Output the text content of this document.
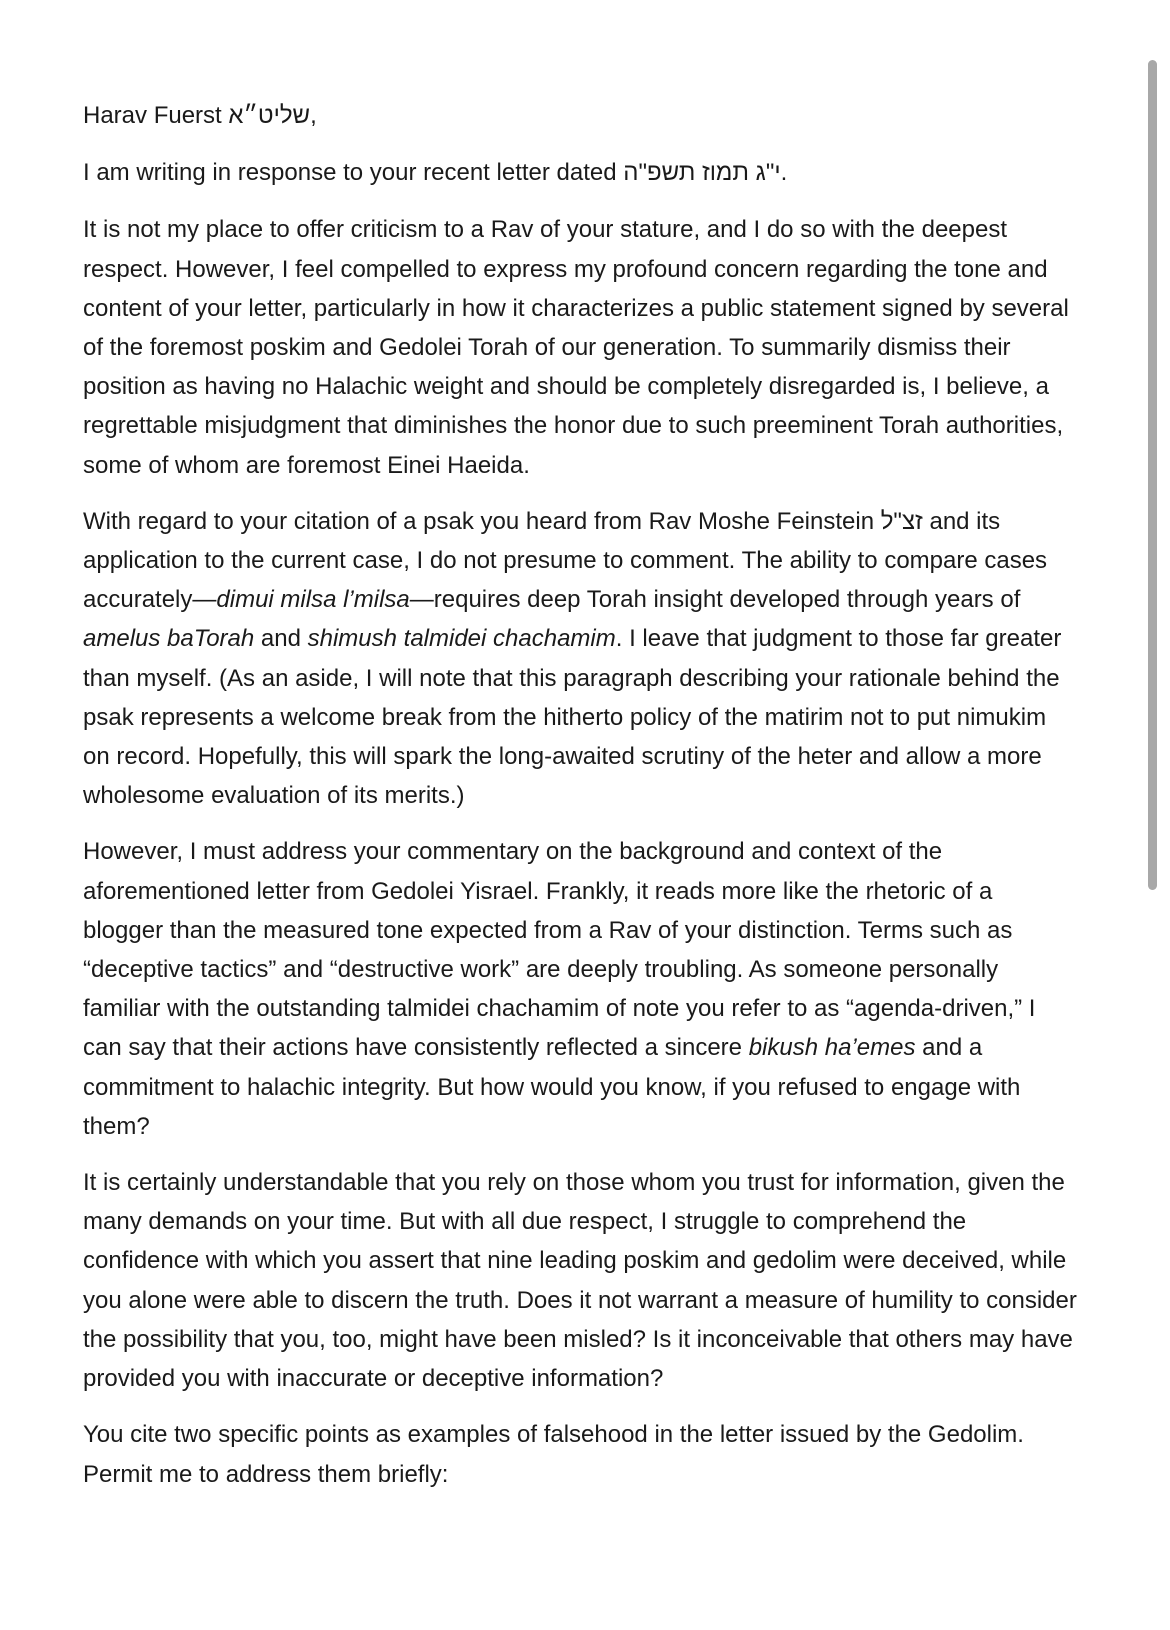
Harav Fuerst שליט״א,

I am writing in response to your recent letter dated י"ג תמוז תשפ"ה.

It is not my place to offer criticism to a Rav of your stature, and I do so with the deepest respect. However, I feel compelled to express my profound concern regarding the tone and content of your letter, particularly in how it characterizes a public statement signed by several of the foremost poskim and Gedolei Torah of our generation. To summarily dismiss their position as having no Halachic weight and should be completely disregarded is, I believe, a regrettable misjudgment that diminishes the honor due to such preeminent Torah authorities, some of whom are foremost Einei Haeida.

With regard to your citation of a psak you heard from Rav Moshe Feinstein זצ"ל and its application to the current case, I do not presume to comment. The ability to compare cases accurately—dimui milsa l’milsa—requires deep Torah insight developed through years of amelus baTorah and shimush talmidei chachamim. I leave that judgment to those far greater than myself. (As an aside, I will note that this paragraph describing your rationale behind the psak represents a welcome break from the hitherto policy of the matirim not to put nimukim on record. Hopefully, this will spark the long-awaited scrutiny of the heter and allow a more wholesome evaluation of its merits.)

However, I must address your commentary on the background and context of the aforementioned letter from Gedolei Yisrael. Frankly, it reads more like the rhetoric of a blogger than the measured tone expected from a Rav of your distinction. Terms such as “deceptive tactics” and “destructive work” are deeply troubling. As someone personally familiar with the outstanding talmidei chachamim of note you refer to as “agenda-driven,” I can say that their actions have consistently reflected a sincere bikush ha’emes and a commitment to halachic integrity. But how would you know, if you refused to engage with them?

It is certainly understandable that you rely on those whom you trust for information, given the many demands on your time. But with all due respect, I struggle to comprehend the confidence with which you assert that nine leading poskim and gedolim were deceived, while you alone were able to discern the truth. Does it not warrant a measure of humility to consider the possibility that you, too, might have been misled? Is it inconceivable that others may have provided you with inaccurate or deceptive information?

You cite two specific points as examples of falsehood in the letter issued by the Gedolim. Permit me to address them briefly:
